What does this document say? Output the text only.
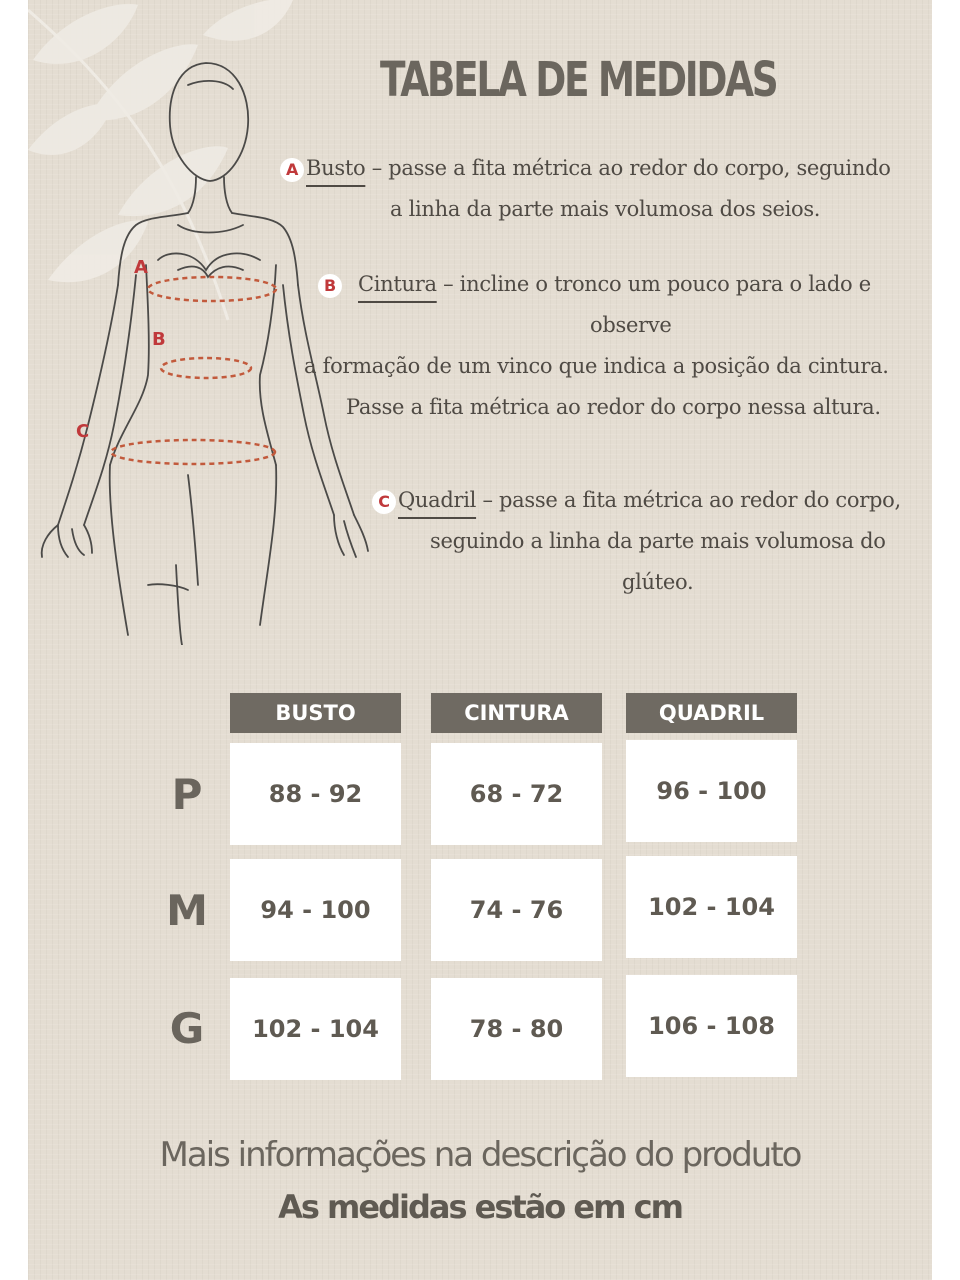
A
B
C
TABELA DE MEDIDAS
A Busto – passe a fita métrica ao redor do corpo, seguindo
a linha da parte mais volumosa dos seios.
B Cintura – incline o tronco um pouco para o lado e
observe
a formação de um vinco que indica a posição da cintura.
Passe a fita métrica ao redor do corpo nessa altura.
C Quadril – passe a fita métrica ao redor do corpo,
seguindo a linha da parte mais volumosa do
glúteo.
BUSTO	CINTURA	QUADRIL
P	88 - 92	68 - 72	96 - 100
M	94 - 100	74 - 76	102 - 104
G	102 - 104	78 - 80	106 - 108
Mais informações na descrição do produto
As medidas estão em cm
